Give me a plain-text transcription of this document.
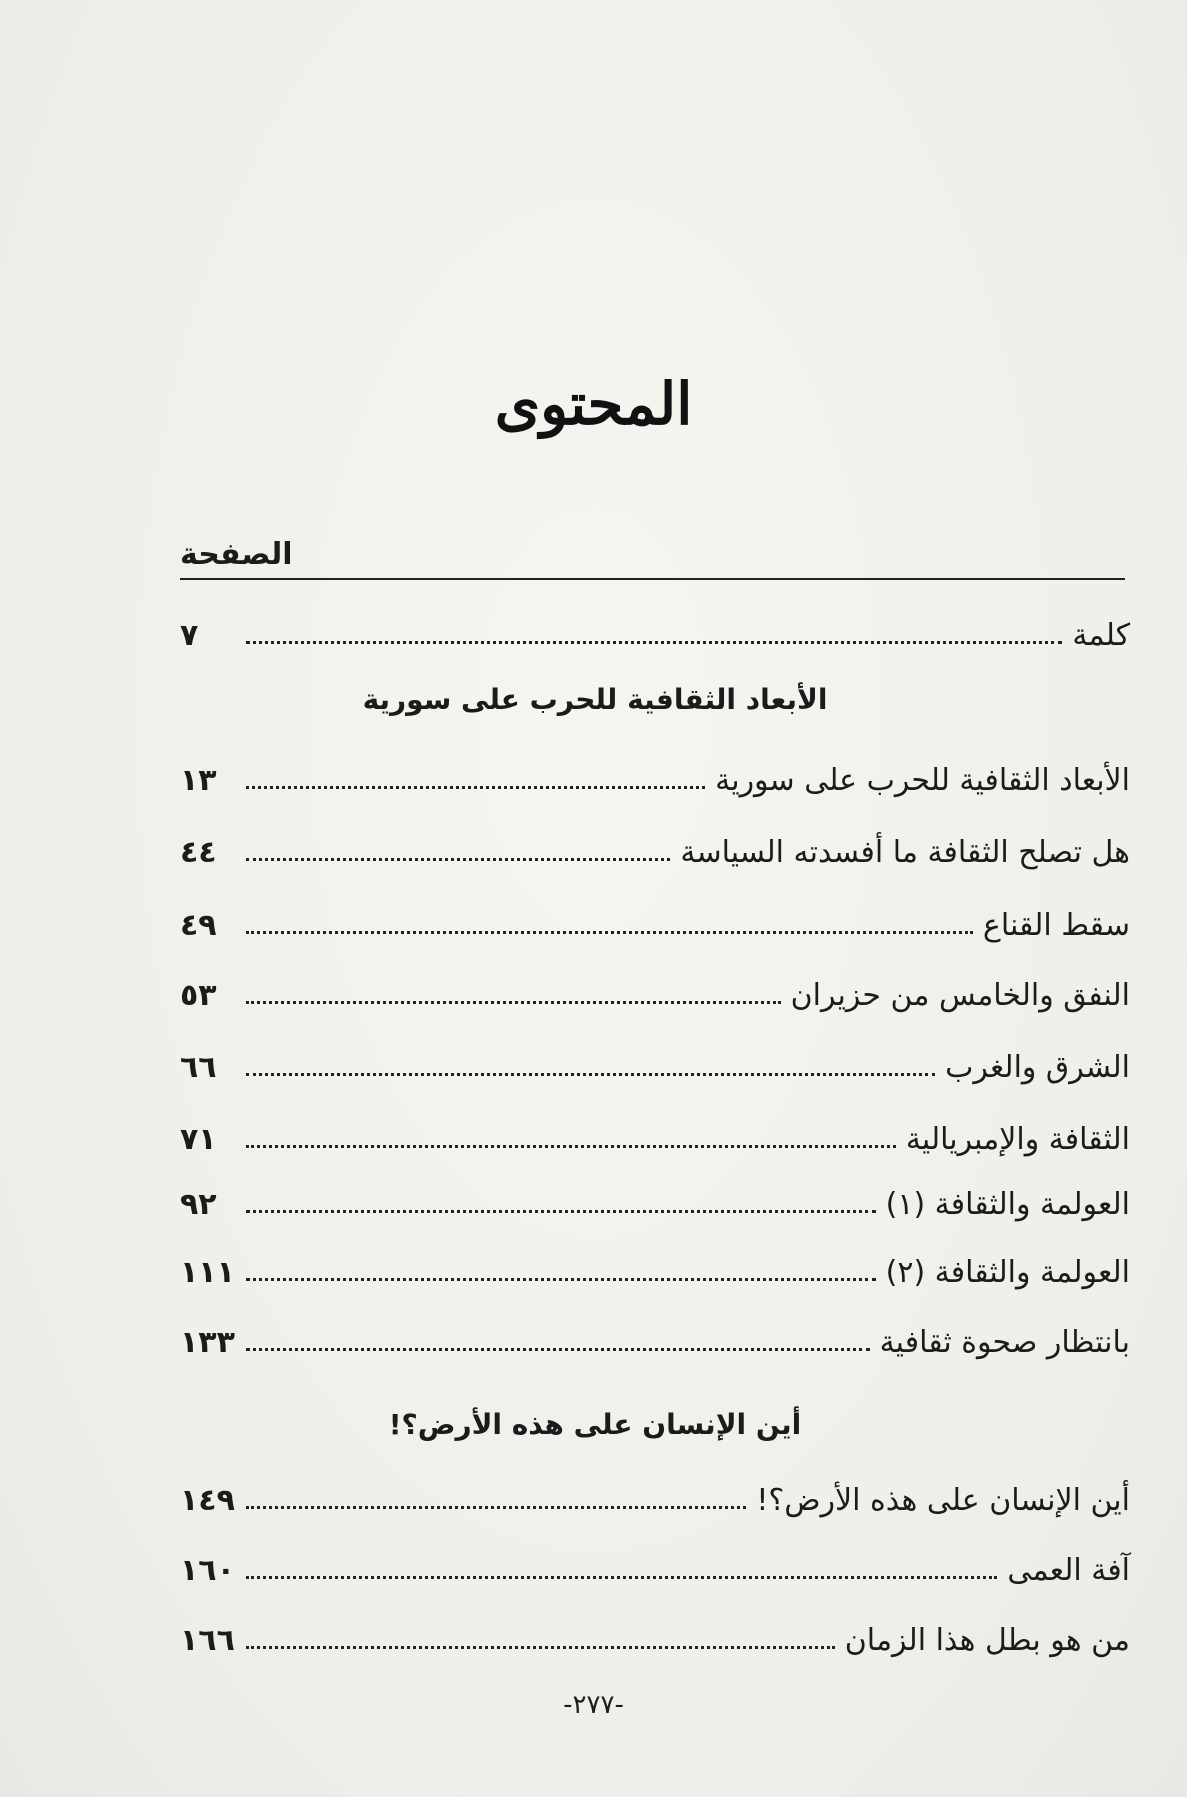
المحتوى
الصفحة
كلمة
٧
الأبعاد الثقافية للحرب على سورية
الأبعاد الثقافية للحرب على سورية
١٣
هل تصلح الثقافة ما أفسدته السياسة
٤٤
سقط القناع
٤٩
النفق والخامس من حزيران
٥٣
الشرق والغرب
٦٦
الثقافة والإمبريالية
٧١
العولمة والثقافة (١)
٩٢
العولمة والثقافة (٢)
١١١
بانتظار صحوة ثقافية
١٣٣
أين الإنسان على هذه الأرض؟!
أين الإنسان على هذه الأرض؟!
١٤٩
آفة العمى
١٦٠
من هو بطل هذا الزمان
١٦٦
-٢٧٧-
